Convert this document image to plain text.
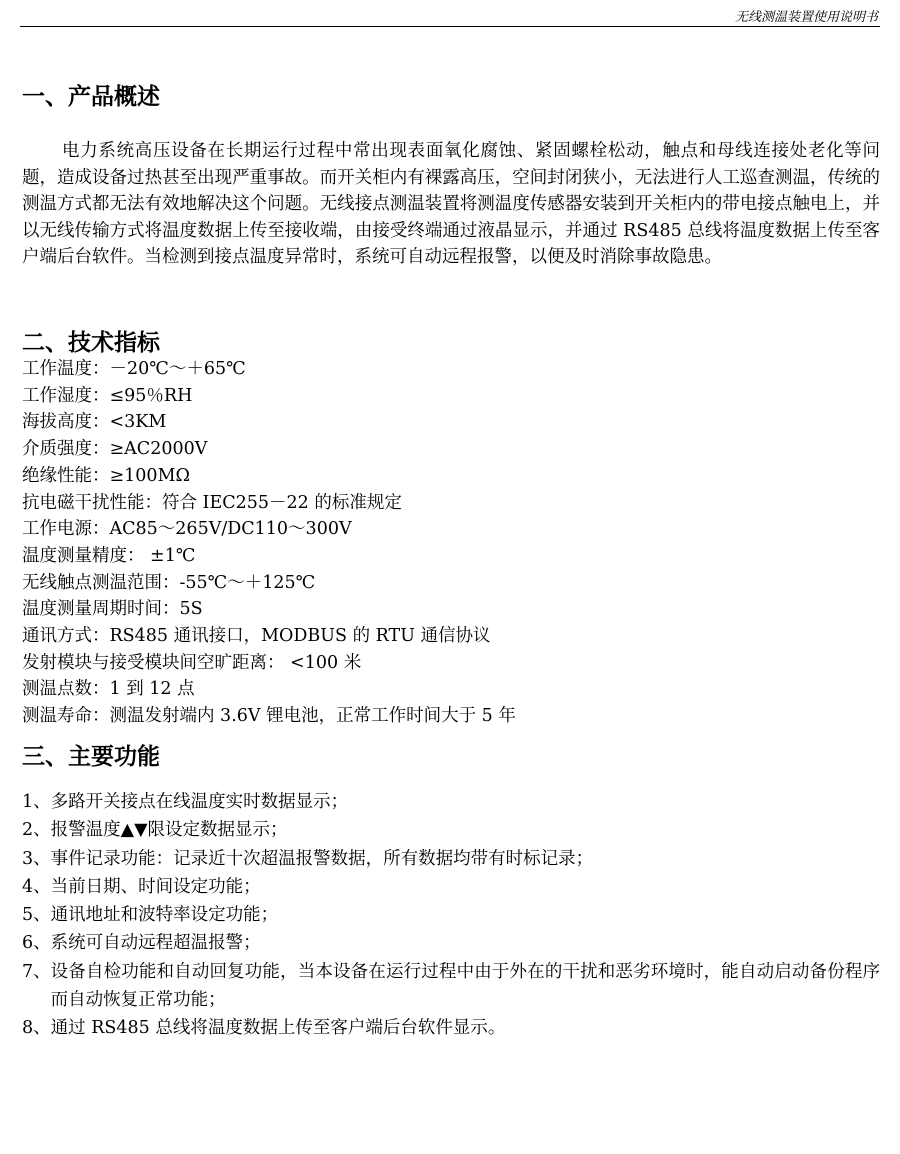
无线测温装置使用说明书
一、产品概述

电力系统高压设备在长期运行过程中常出现表面氧化腐蚀、紧固螺栓松动，触点和母线连接处老化等问题，造成设备过热甚至出现严重事故。而开关柜内有裸露高压，空间封闭狭小，无法进行人工巡查测温，传统的测温方式都无法有效地解决这个问题。无线接点测温装置将测温度传感器安装到开关柜内的带电接点触电上，并以无线传输方式将温度数据上传至接收端，由接受终端通过液晶显示，并通过 RS485 总线将温度数据上传至客户端后台软件。当检测到接点温度异常时，系统可自动远程报警，以便及时消除事故隐患。

二、技术指标
工作温度：－20℃～＋65℃
工作湿度：≤95％RH
海拔高度：<3KM
介质强度：≥AC2000V
绝缘性能：≥100MΩ
抗电磁干扰性能：符合 IEC255－22 的标准规定
工作电源：AC85～265V/DC110～300V
温度测量精度： ±1℃
无线触点测温范围：-55℃～＋125℃
温度测量周期时间：5S
通讯方式：RS485 通讯接口，MODBUS 的 RTU 通信协议
发射模块与接受模块间空旷距离： <100 米
测温点数：1 到 12 点
测温寿命：测温发射端内 3.6V 锂电池，正常工作时间大于 5 年
三、主要功能
1、 多路开关接点在线温度实时数据显示；
2、 报警温度▲▼限设定数据显示；
3、 事件记录功能：记录近十次超温报警数据，所有数据均带有时标记录；
4、 当前日期、时间设定功能；
5、 通讯地址和波特率设定功能；
6、 系统可自动远程超温报警；
7、 设备自检功能和自动回复功能，当本设备在运行过程中由于外在的干扰和恶劣环境时，能自动启动备份程序而自动恢复正常功能；
8、 通过 RS485 总线将温度数据上传至客户端后台软件显示。
